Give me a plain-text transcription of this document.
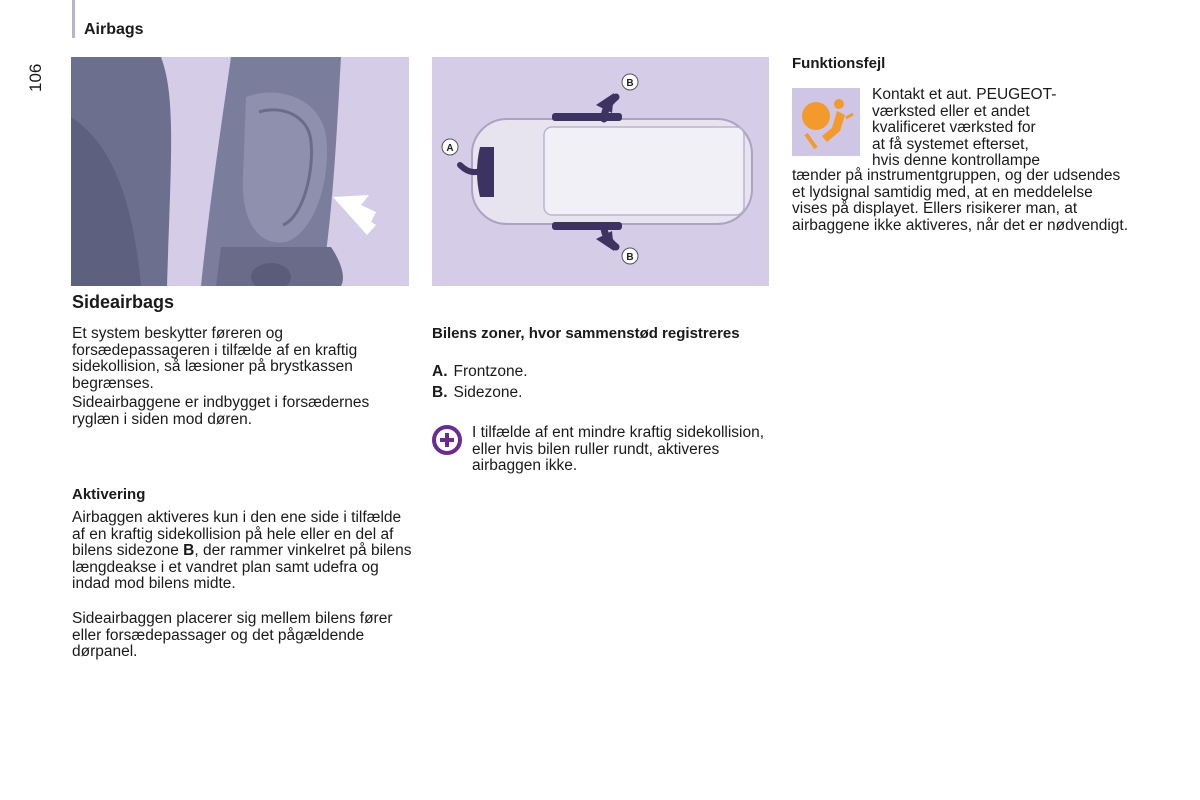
Airbags
106
A
B
B
Sideairbags

Et system beskytter føreren og forsædepassageren i tilfælde af en kraftig sidekollision, så læsioner på brystkassen begrænses.

Sideairbaggene er indbygget i forsædernes ryglæn i siden mod døren.

Aktivering

Airbaggen aktiveres kun i den ene side i tilfælde af en kraftig sidekollision på hele eller en del af bilens sidezone B, der rammer vinkelret på bilens længdeakse i et vandret plan samt udefra og indad mod bilens midte.

Sideairbaggen placerer sig mellem bilens fører eller forsædepassager og det pågældende dørpanel.

Bilens zoner, hvor sammenstød registreres
A. Frontzone.
B. Sidezone.

I tilfælde af ent mindre kraftig sidekollision, eller hvis bilen ruller rundt, aktiveres airbaggen ikke.

Funktionsfejl
Kontakt et aut. PEUGEOT-
værksted eller et andet
kvalificeret værksted for
at få systemet efterset,
hvis denne kontrollampe

tænder på instrumentgruppen, og der udsendes et lydsignal samtidig med, at en meddelelse vises på displayet. Ellers risikerer man, at airbaggene ikke aktiveres, når det er nødvendigt.
